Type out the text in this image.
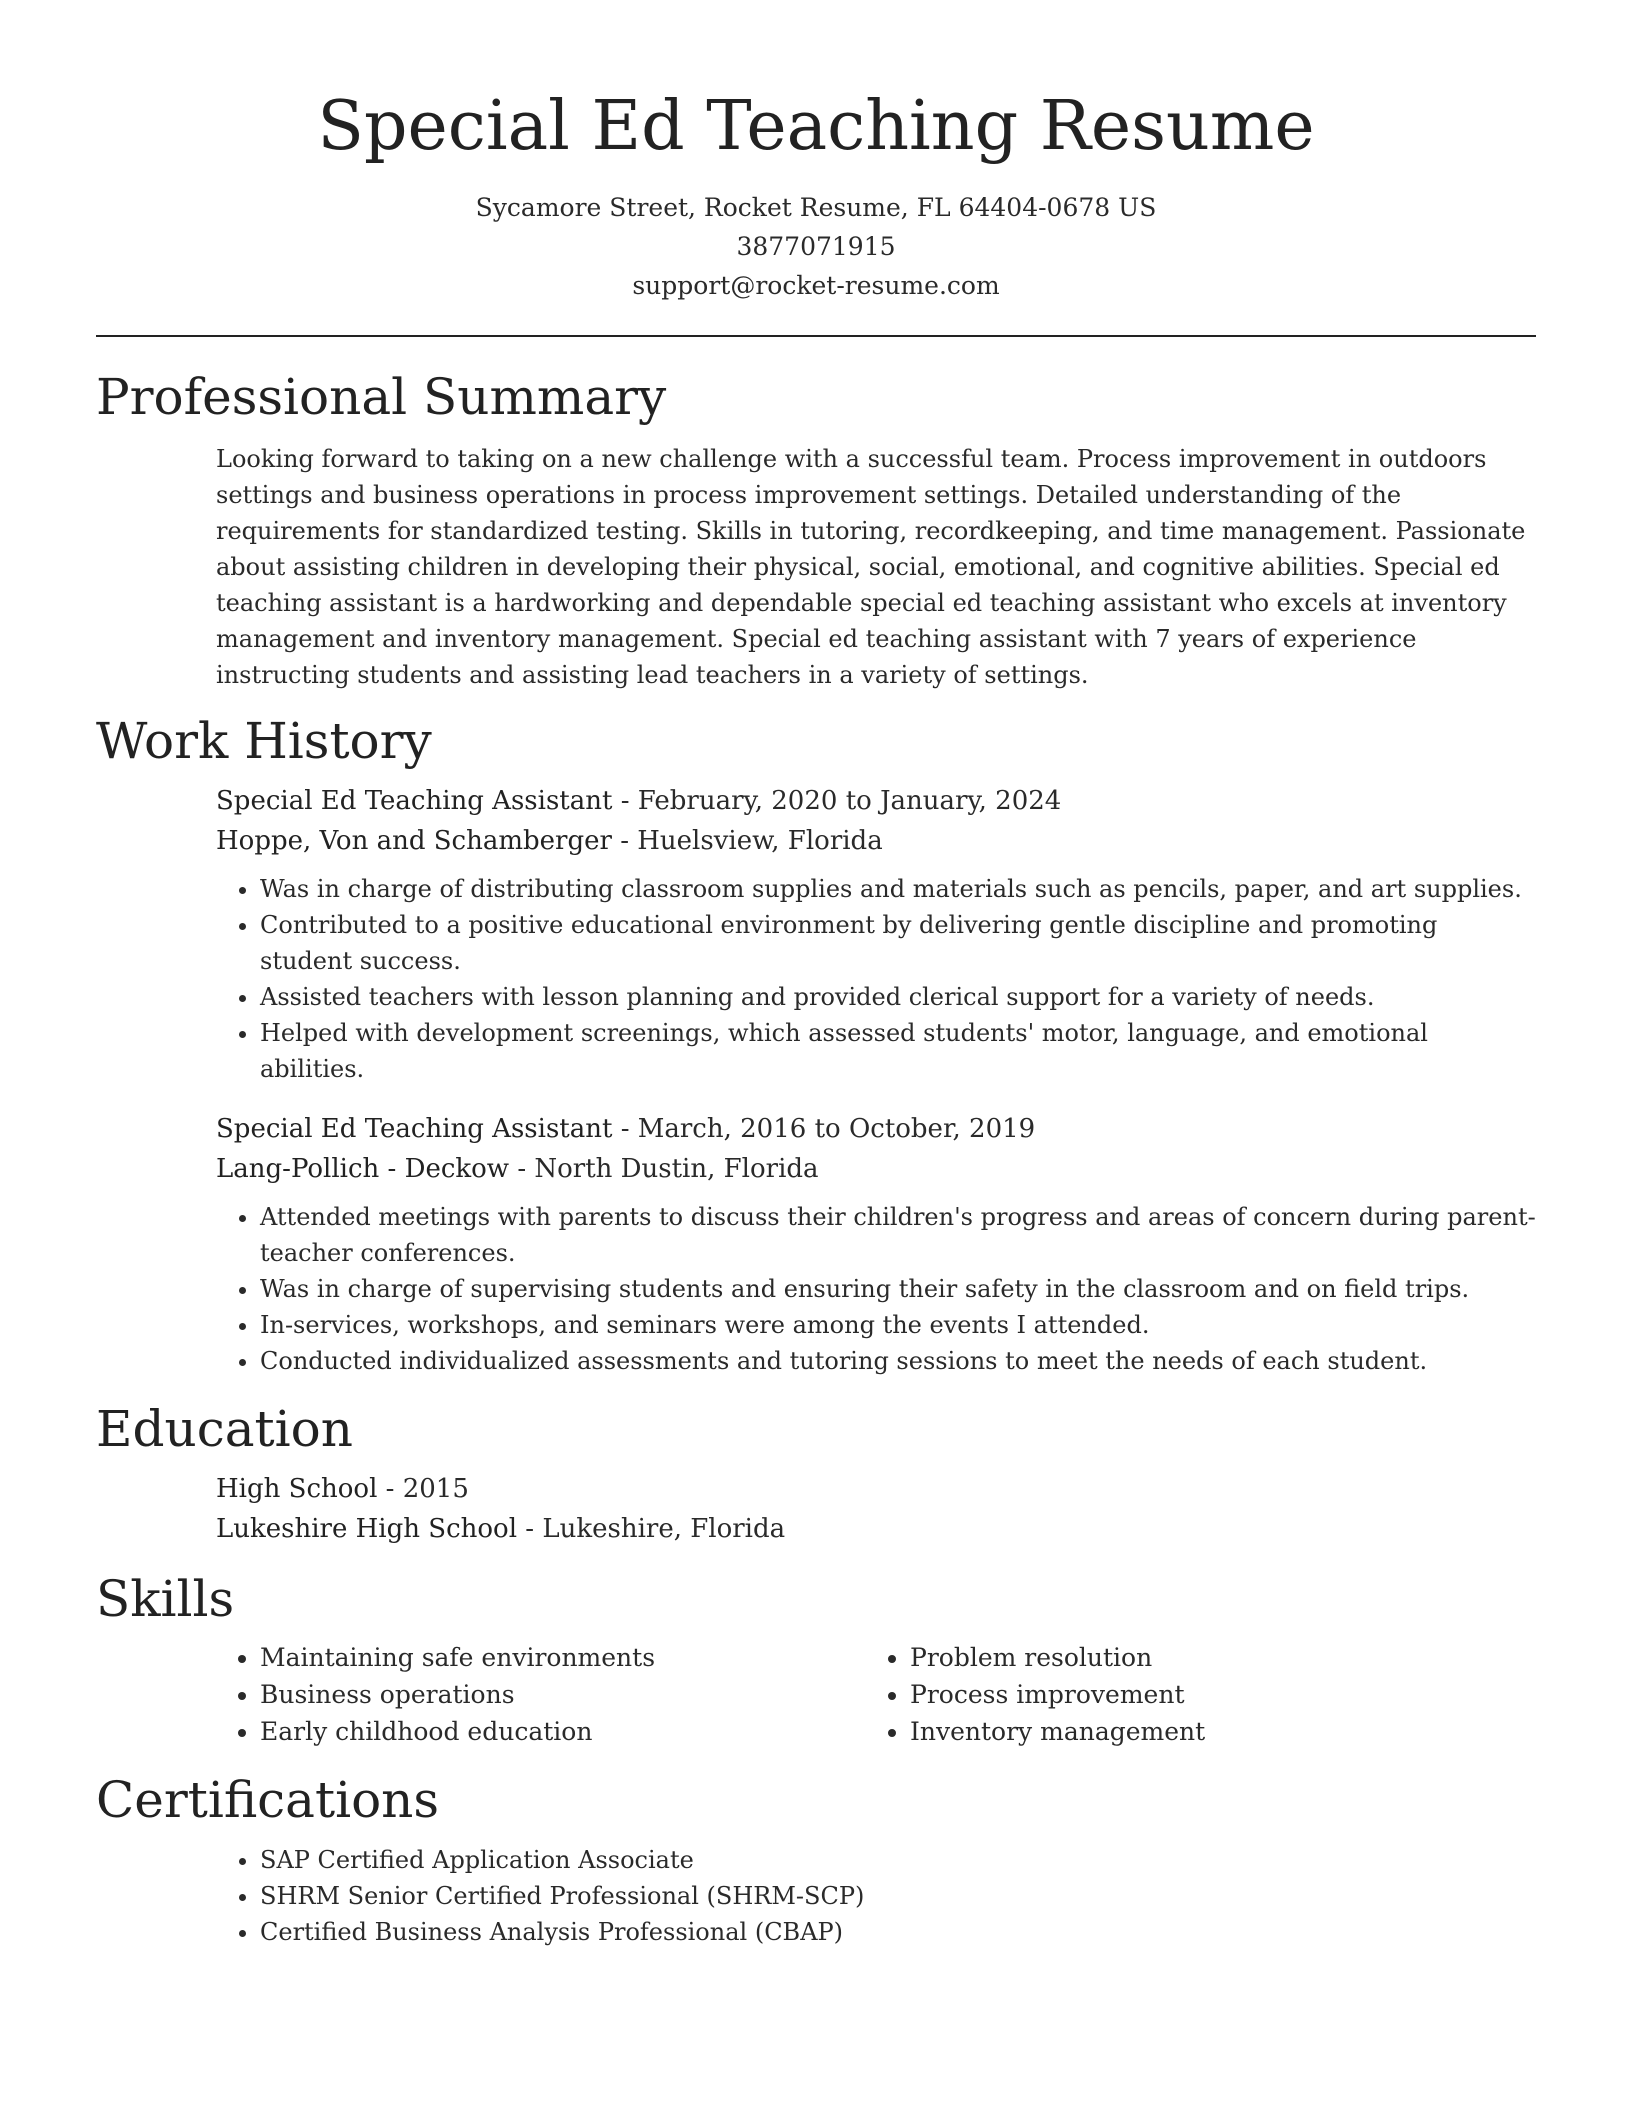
Special Ed Teaching Resume
Sycamore Street, Rocket Resume, FL 64404-0678 US
3877071915
support@rocket-resume.com
Professional Summary

Looking forward to taking on a new challenge with a successful team. Process improvement in outdoors settings and business operations in process improvement settings. Detailed understanding of the requirements for standardized testing. Skills in tutoring, recordkeeping, and time management. Passionate about assisting children in developing their physical, social, emotional, and cognitive abilities. Special ed teaching assistant is a hardworking and dependable special ed teaching assistant who excels at inventory management and inventory management. Special ed teaching assistant with 7 years of experience instructing students and assisting lead teachers in a variety of settings.

Work History

Special Ed Teaching Assistant - February, 2020 to January, 2024

Hoppe, Von and Schamberger - Huelsview, Florida

• Was in charge of distributing classroom supplies and materials such as pencils, paper, and art supplies.
• Contributed to a positive educational environment by delivering gentle discipline and promoting student success.
• Assisted teachers with lesson planning and provided clerical support for a variety of needs.
• Helped with development screenings, which assessed students' motor, language, and emotional abilities.

Special Ed Teaching Assistant - March, 2016 to October, 2019

Lang-Pollich - Deckow - North Dustin, Florida

• Attended meetings with parents to discuss their children's progress and areas of concern during parent-teacher conferences.
• Was in charge of supervising students and ensuring their safety in the classroom and on field trips.
• In-services, workshops, and seminars were among the events I attended.
• Conducted individualized assessments and tutoring sessions to meet the needs of each student.
Education

High School - 2015

Lukeshire High School - Lukeshire, Florida

Skills
• Maintaining safe environments
• Business operations
• Early childhood education
• Problem resolution
• Process improvement
• Inventory management
Certifications
• SAP Certified Application Associate
• SHRM Senior Certified Professional (SHRM-SCP)
• Certified Business Analysis Professional (CBAP)
